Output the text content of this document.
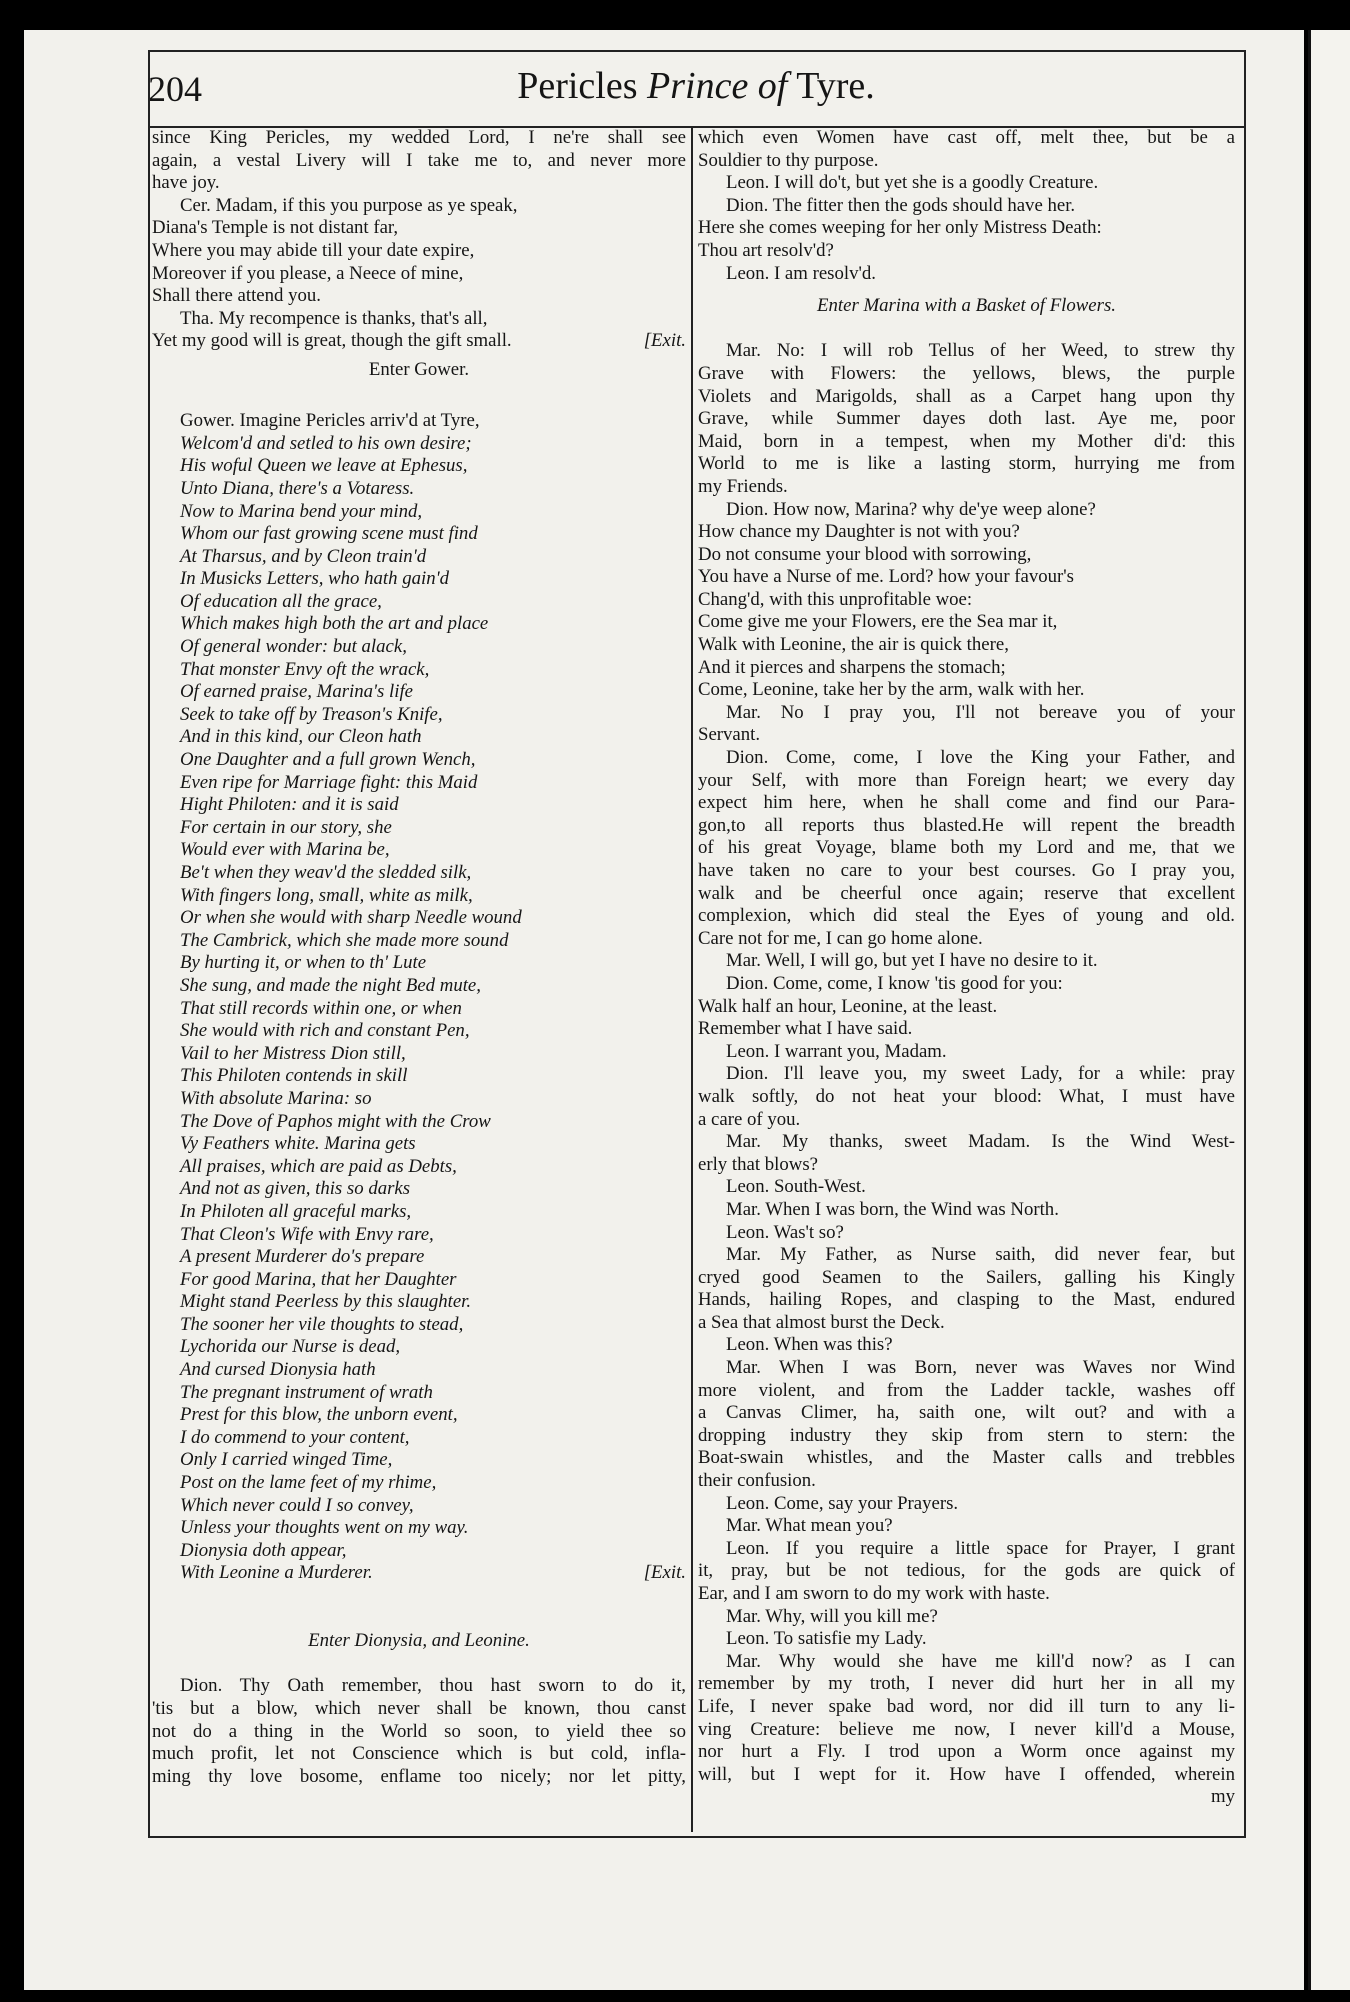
204	Pericles Prince of Tyre.
since King Pericles, my wedded Lord, I ne're shall see
again, a vestal Livery will I take me to, and never more
have joy.
Cer. Madam, if this you purpose as ye speak,
Diana's Temple is not distant far,
Where you may abide till your date expire,
Moreover if you please, a Neece of mine,
Shall there attend you.
Tha. My recompence is thanks, that's all,
Yet my good will is great, though the gift small.	[Exit.
Enter Gower.
Gower. Imagine Pericles arriv'd at Tyre,
Welcom'd and setled to his own desire;
His woful Queen we leave at Ephesus,
Unto Diana, there's a Votaress.
Now to Marina bend your mind,
Whom our fast growing scene must find
At Tharsus, and by Cleon train'd
In Musicks Letters, who hath gain'd
Of education all the grace,
Which makes high both the art and place
Of general wonder: but alack,
That monster Envy oft the wrack,
Of earned praise, Marina's life
Seek to take off by Treason's Knife,
And in this kind, our Cleon hath
One Daughter and a full grown Wench,
Even ripe for Marriage fight: this Maid
Hight Philoten: and it is said
For certain in our story, she
Would ever with Marina be,
Be't when they weav'd the sledded silk,
With fingers long, small, white as milk,
Or when she would with sharp Needle wound
The Cambrick, which she made more sound
By hurting it, or when to th' Lute
She sung, and made the night Bed mute,
That still records within one, or when
She would with rich and constant Pen,
Vail to her Mistress Dion still,
This Philoten contends in skill
With absolute Marina: so
The Dove of Paphos might with the Crow
Vy Feathers white. Marina gets
All praises, which are paid as Debts,
And not as given, this so darks
In Philoten all graceful marks,
That Cleon's Wife with Envy rare,
A present Murderer do's prepare
For good Marina, that her Daughter
Might stand Peerless by this slaughter.
The sooner her vile thoughts to stead,
Lychorida our Nurse is dead,
And cursed Dionysia hath
The pregnant instrument of wrath
Prest for this blow, the unborn event,
I do commend to your content,
Only I carried winged Time,
Post on the lame feet of my rhime,
Which never could I so convey,
Unless your thoughts went on my way.
Dionysia doth appear,
With Leonine a Murderer.	[Exit.
Enter Dionysia, and Leonine.
Dion. Thy Oath remember, thou hast sworn to do it,
'tis but a blow, which never shall be known, thou canst
not do a thing in the World so soon, to yield thee so
much profit, let not Conscience which is but cold, infla-
ming thy love bosome, enflame too nicely; nor let pitty,
which even Women have cast off, melt thee, but be a
Souldier to thy purpose.
Leon. I will do't, but yet she is a goodly Creature.
Dion. The fitter then the gods should have her.
Here she comes weeping for her only Mistress Death:
Thou art resolv'd?
Leon. I am resolv'd.
Enter Marina with a Basket of Flowers.
Mar. No: I will rob Tellus of her Weed, to strew thy
Grave with Flowers: the yellows, blews, the purple
Violets and Marigolds, shall as a Carpet hang upon thy
Grave, while Summer dayes doth last. Aye me, poor
Maid, born in a tempest, when my Mother di'd: this
World to me is like a lasting storm, hurrying me from
my Friends.
Dion. How now, Marina? why de'ye weep alone?
How chance my Daughter is not with you?
Do not consume your blood with sorrowing,
You have a Nurse of me. Lord? how your favour's
Chang'd, with this unprofitable woe:
Come give me your Flowers, ere the Sea mar it,
Walk with Leonine, the air is quick there,
And it pierces and sharpens the stomach;
Come, Leonine, take her by the arm, walk with her.
Mar. No I pray you, I'll not bereave you of your
Servant.
Dion. Come, come, I love the King your Father, and
your Self, with more than Foreign heart; we every day
expect him here, when he shall come and find our Para-
gon,to all reports thus blasted.He will repent the breadth
of his great Voyage, blame both my Lord and me, that we
have taken no care to your best courses. Go I pray you,
walk and be cheerful once again; reserve that excellent
complexion, which did steal the Eyes of young and old.
Care not for me, I can go home alone.
Mar. Well, I will go, but yet I have no desire to it.
Dion. Come, come, I know 'tis good for you:
Walk half an hour, Leonine, at the least.
Remember what I have said.
Leon. I warrant you, Madam.
Dion. I'll leave you, my sweet Lady, for a while: pray
walk softly, do not heat your blood: What, I must have
a care of you.
Mar. My thanks, sweet Madam. Is the Wind West-
erly that blows?
Leon. South-West.
Mar. When I was born, the Wind was North.
Leon. Was't so?
Mar. My Father, as Nurse saith, did never fear, but
cryed good Seamen to the Sailers, galling his Kingly
Hands, hailing Ropes, and clasping to the Mast, endured
a Sea that almost burst the Deck.
Leon. When was this?
Mar. When I was Born, never was Waves nor Wind
more violent, and from the Ladder tackle, washes off
a Canvas Climer, ha, saith one, wilt out? and with a
dropping industry they skip from stern to stern: the
Boat-swain whistles, and the Master calls and trebbles
their confusion.
Leon. Come, say your Prayers.
Mar. What mean you?
Leon. If you require a little space for Prayer, I grant
it, pray, but be not tedious, for the gods are quick of
Ear, and I am sworn to do my work with haste.
Mar. Why, will you kill me?
Leon. To satisfie my Lady.
Mar. Why would she have me kill'd now? as I can
remember by my troth, I never did hurt her in all my
Life, I never spake bad word, nor did ill turn to any li-
ving Creature: believe me now, I never kill'd a Mouse,
nor hurt a Fly. I trod upon a Worm once against my
will, but I wept for it. How have I offended, wherein
my
